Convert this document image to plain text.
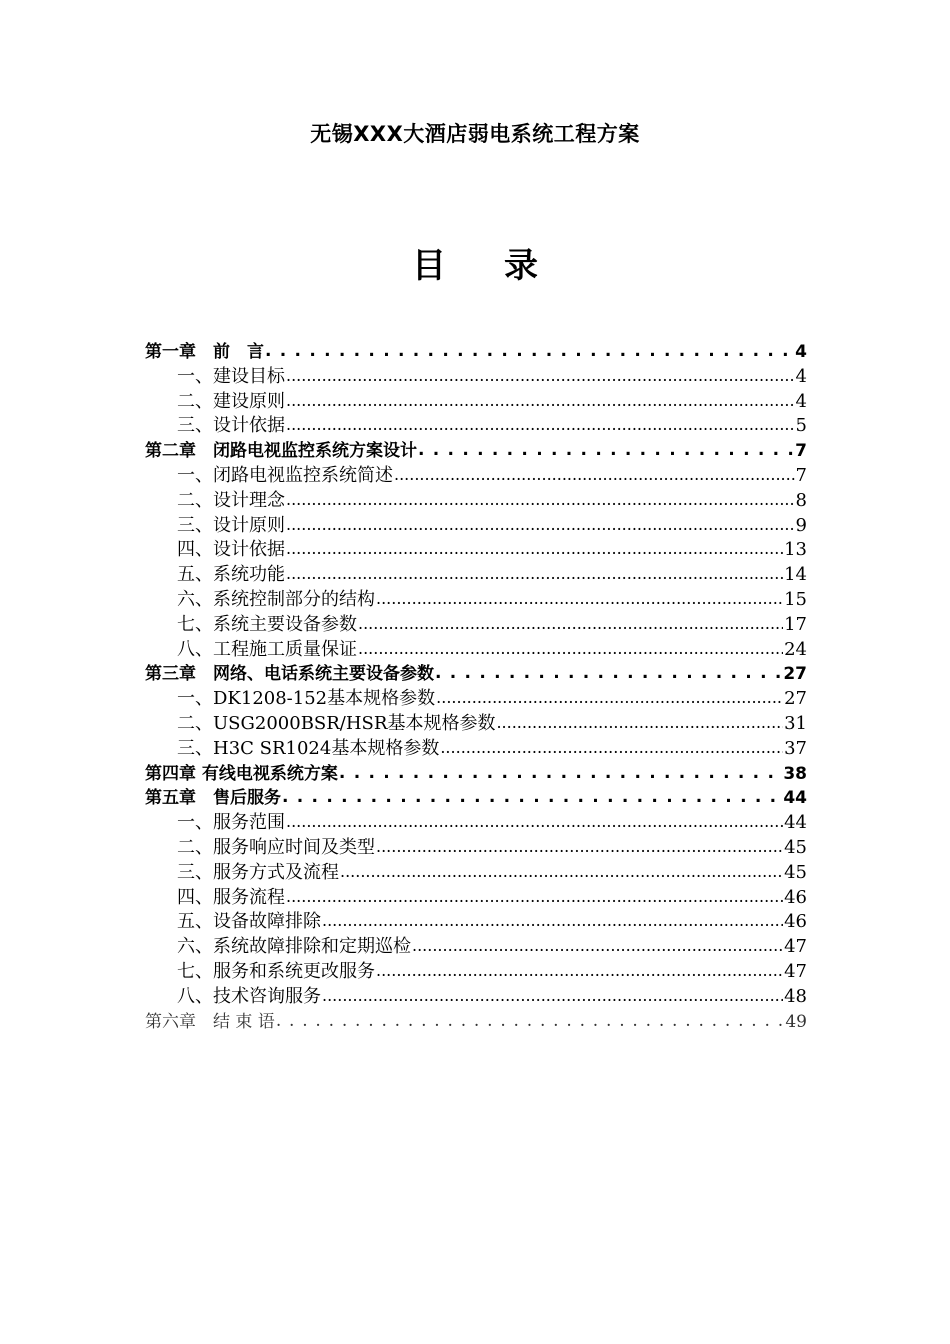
无锡XXX大酒店弱电系统工程方案
目 录
第一章　前　言 . . .	4
一、建设目标 .....	4
二、建设原则 .....	4
三、设计依据 .....	5
第二章　闭路电视监控系统方案设计 . . .	7
一、闭路电视监控系统简述 .....	7
二、设计理念 .....	8
三、设计原则 .....	9
四、设计依据 .....	13
五、系统功能 .....	14
六、系统控制部分的结构 .....	15
七、系统主要设备参数 .....	17
八、工程施工质量保证 .....	24
第三章　网络、电话系统主要设备参数 . . .	27
一、DK1208-152基本规格参数 .....	27
二、USG2000BSR/HSR基本规格参数 .....	31
三、H3C SR1024基本规格参数 .....	37
第四章 有线电视系统方案 . . .	38
第五章　售后服务 . . .	44
一、服务范围 .....	44
二、服务响应时间及类型 .....	45
三、服务方式及流程 .....	45
四、服务流程 .....	46
五、设备故障排除 .....	46
六、系统故障排除和定期巡检 .....	47
七、服务和系统更改服务 .....	47
八、技术咨询服务 .....	48
第六章　结 束 语 . . .	49
